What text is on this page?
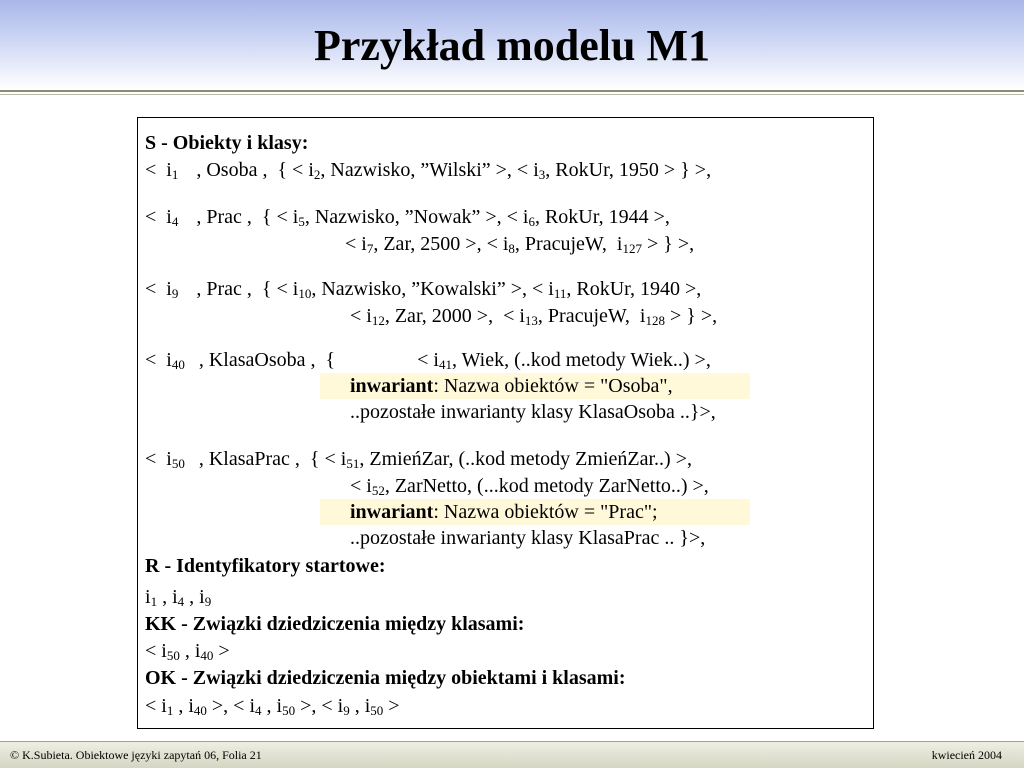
Przykład modelu M1
S - Obiekty i klasy:
<  $i_1$ , Osoba ,  { < $i_2$, Nazwisko, ”Wilski” >, < $i_3$, RokUr, 1950 > } >,
<  $i_4$ , Prac ,  { < $i_5$, Nazwisko, ”Nowak” >, < $i_6$, RokUr, 1944 >,
< $i_7$, Zar, 2500 >, < $i_8$, PracujeW,  $i_{127}$ > } >,
<  $i_9$ , Prac ,  { < $i_{10}$, Nazwisko, ”Kowalski” >, < $i_{11}$, RokUr, 1940 >,
< $i_{12}$, Zar, 2000 >,  < $i_{13}$, PracujeW,  $i_{128}$ > } >,
<  $i_{40}$ , KlasaOsoba ,  {	< $i_{41}$, Wiek, (..kod metody Wiek..) >,
inwariant: Nazwa obiektów = "Osoba",
..pozostałe inwarianty klasy KlasaOsoba ..}>,
<  $i_{50}$ , KlasaPrac ,  { < $i_{51}$, ZmieńZar, (..kod metody ZmieńZar..) >,
< $i_{52}$, ZarNetto, (...kod metody ZarNetto..) >,
inwariant: Nazwa obiektów = "Prac";
..pozostałe inwarianty klasy KlasaPrac .. }>,
R - Identyfikatory startowe:
$i_1$ , $i_4$ , $i_9$
KK - Związki dziedziczenia między klasami:
< $i_{50}$ , $i_{40}$ >
OK - Związki dziedziczenia między obiektami i klasami:
< $i_1$ , $i_{40}$ >, < $i_4$ , $i_{50}$ >, < $i_9$ , $i_{50}$ >
© K.Subieta. Obiektowe języki zapytań 06, Folia 21	kwiecień 2004
